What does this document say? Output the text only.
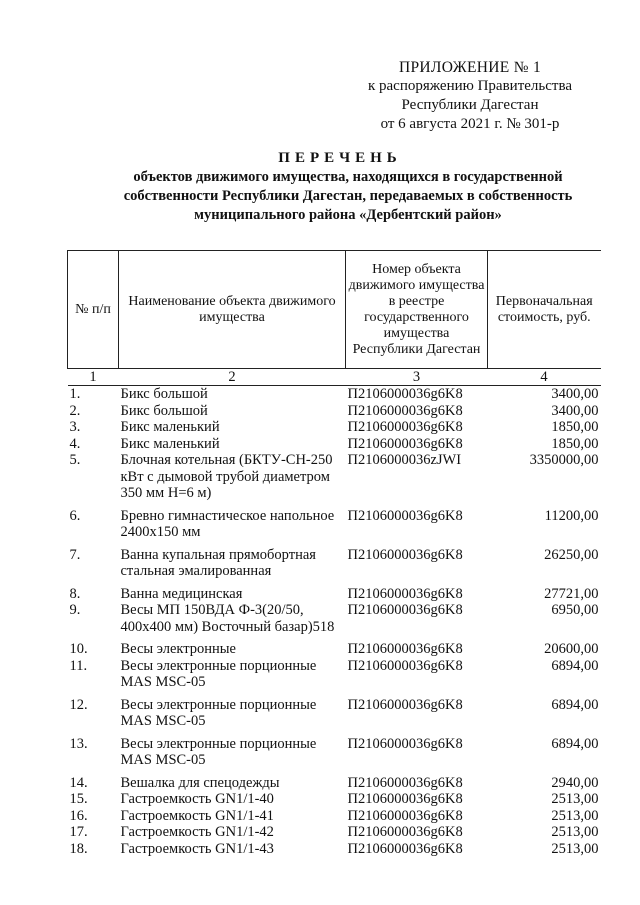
ПРИЛОЖЕНИЕ № 1
к распоряжению Правительства
Республики Дагестан
от 6 августа 2021 г. № 301-р
ПЕРЕЧЕНЬ
объектов движимого имущества, находящихся в государственной
собственности Республики Дагестан, передаваемых в собственность
муниципального района «Дербентский район»
№ п/п	Наименование объекта движимого имущества	Номер объекта движимого имущества в реестре государственного имущества Республики Дагестан	Первоначальная стоимость, руб.
1	2	3	4
1.	Бикс большой	П2106000036g6K8	3400,00
2.	Бикс большой	П2106000036g6K8	3400,00
3.	Бикс маленький	П2106000036g6K8	1850,00
4.	Бикс маленький	П2106000036g6K8	1850,00
5.	Блочная котельная (БКТУ-СН-250 кВт с дымовой трубой диаметром 350 мм H=6 м)	П2106000036zJWI	3350000,00
6.	Бревно гимнастическое напольное 2400x150 мм	П2106000036g6K8	11200,00
7.	Ванна купальная прямобортная стальная эмалированная	П2106000036g6K8	26250,00
8.	Ванна медицинская	П2106000036g6K8	27721,00
9.	Весы МП 150ВДА Ф-3(20/50, 400x400 мм) Восточный базар)518	П2106000036g6K8	6950,00
10.	Весы электронные	П2106000036g6K8	20600,00
11.	Весы электронные порционные MAS MSC-05	П2106000036g6K8	6894,00
12.	Весы электронные порционные MAS MSC-05	П2106000036g6K8	6894,00
13.	Весы электронные порционные MAS MSC-05	П2106000036g6K8	6894,00
14.	Вешалка для спецодежды	П2106000036g6K8	2940,00
15.	Гастроемкость GN1/1-40	П2106000036g6K8	2513,00
16.	Гастроемкость GN1/1-41	П2106000036g6K8	2513,00
17.	Гастроемкость GN1/1-42	П2106000036g6K8	2513,00
18.	Гастроемкость GN1/1-43	П2106000036g6K8	2513,00
